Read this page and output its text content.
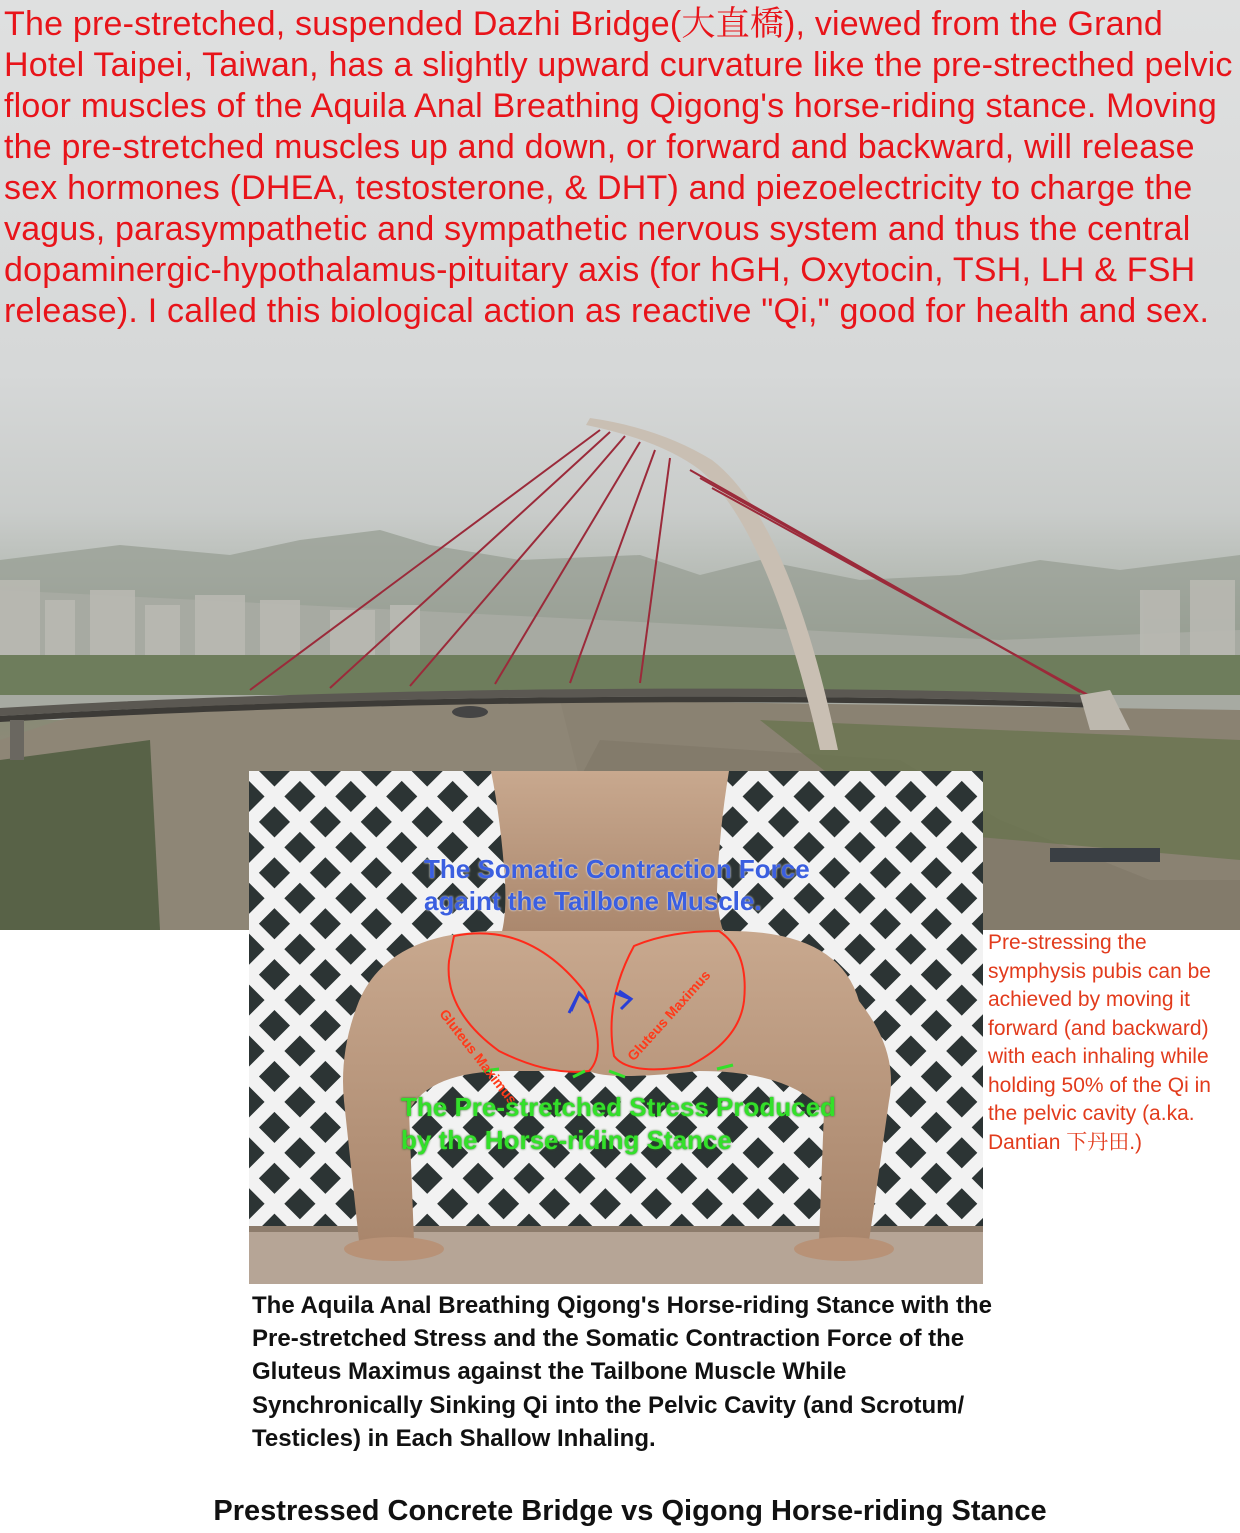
The pre-stretched, suspended Dazhi Bridge(大直橋), viewed from the Grand Hotel Taipei, Taiwan, has a slightly upward curvature like the pre-strecthed pelvic floor muscles of the Aquila Anal Breathing Qigong's horse-riding stance. Moving the pre-stretched muscles up and down, or forward and backward, will release sex hormones (DHEA, testosterone, & DHT) and piezoelectricity to charge the vagus, parasympathetic and sympathetic nervous system and thus the central dopaminergic-hypothalamus-pituitary axis (for hGH, Oxytocin, TSH, LH & FSH release). I called this biological action as reactive "Qi," good for health and sex.

The Somatic Contraction Force againt the Tailbone Muscle.
Gluteus Maximus	Gluteus Maximus
The Pre-stretched Stress Produced by the Horse-riding Stance

Pre-stressing the symphysis pubis can be achieved by moving it forward (and backward) with each inhaling while holding 50% of the Qi in the pelvic cavity (a.ka. Dantian 下丹田.)

The Aquila Anal Breathing Qigong's Horse-riding Stance with the Pre-stretched Stress and the Somatic Contraction Force of the Gluteus Maximus against the Tailbone Muscle While Synchronically Sinking Qi into the Pelvic Cavity (and Scrotum/ Testicles) in Each Shallow Inhaling.

Prestressed Concrete Bridge vs Qigong Horse-riding Stance
